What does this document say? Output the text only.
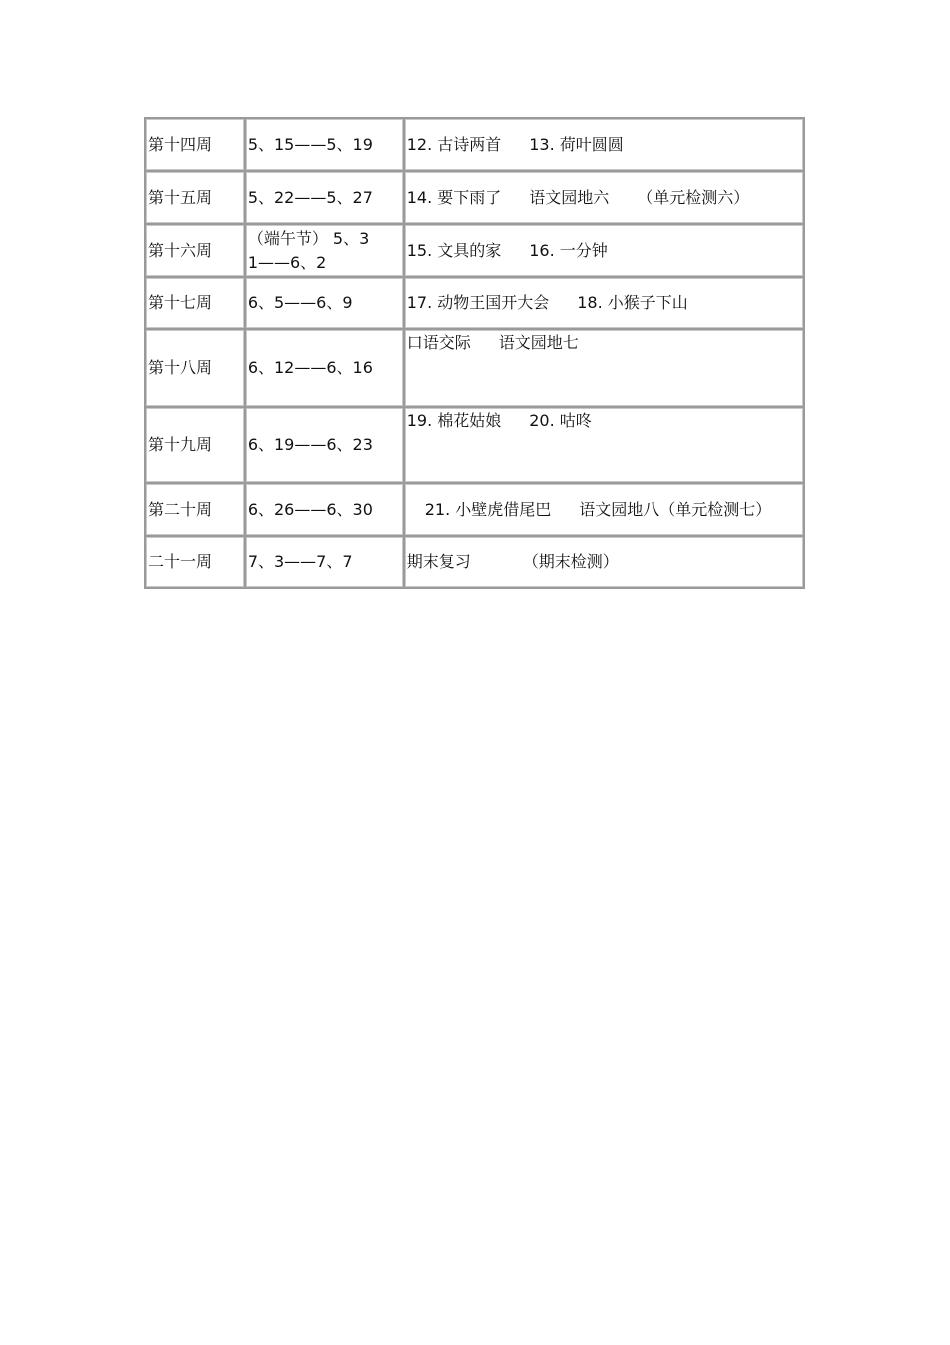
第十四周	5、15——5、19	12. 古诗两首 13. 荷叶圆圆
第十五周	5、22——5、27	14. 要下雨了 语文园地六 （单元检测六）
第十六周	（端午节） 5、31——6、2	15. 文具的家 16. 一分钟
第十七周	6、5——6、9	17. 动物王国开大会 18. 小猴子下山
第十八周	6、12——6、16	口语交际 语文园地七

第十九周	6、19——6、23	19. 棉花姑娘 20. 咕咚

第二十周	6、26——6、30	21. 小壁虎借尾巴 语文园地八（单元检测七）
二十一周	7、3——7、7	期末复习 （期末检测）
